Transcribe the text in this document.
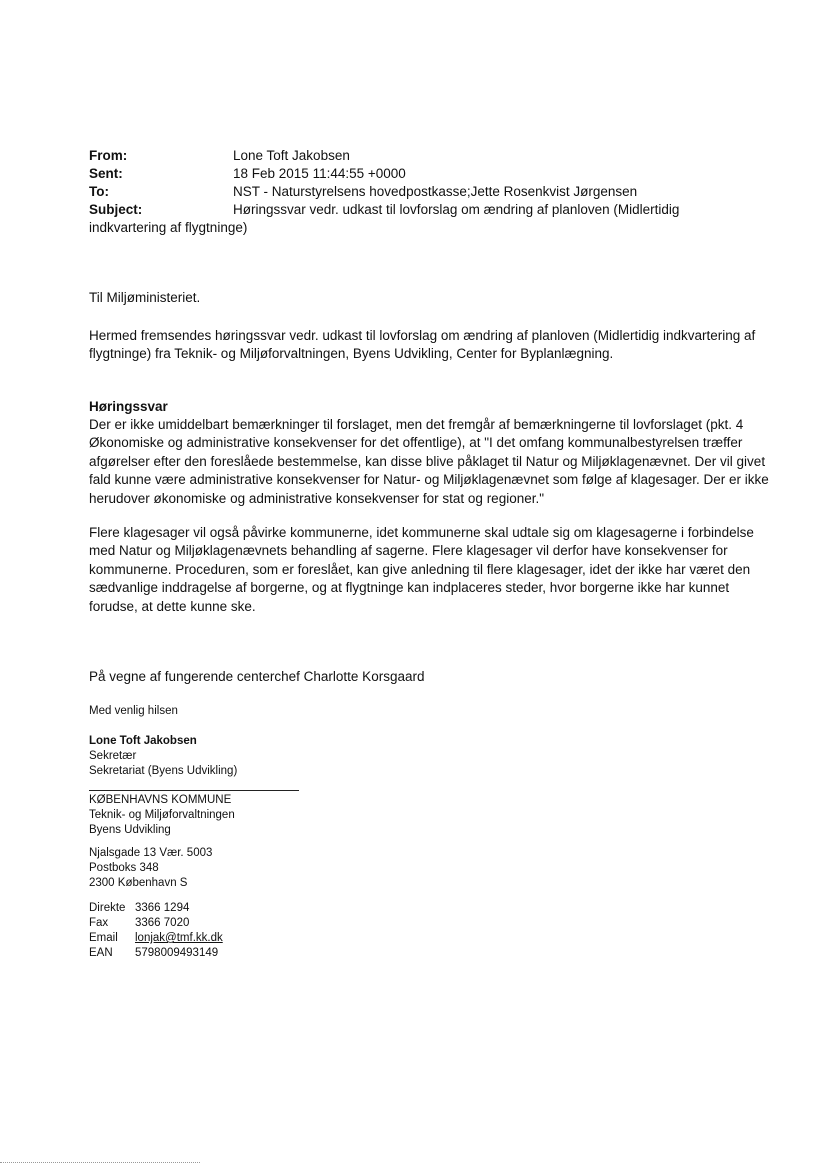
From:	Lone Toft Jakobsen
Sent:	18 Feb 2015 11:44:55 +0000
To:	NST - Naturstyrelsens hovedpostkasse;Jette Rosenkvist Jørgensen
Subject:	Høringssvar vedr. udkast til lovforslag om ændring af planloven (Midlertidig
indkvartering af flygtninge)

Til Miljøministeriet.

Hermed fremsendes høringssvar vedr. udkast til lovforslag om ændring af planloven (Midlertidig indkvartering af flygtninge) fra Teknik- og Miljøforvaltningen, Byens Udvikling, Center for Byplanlægning.

Høringssvar

Der er ikke umiddelbart bemærkninger til forslaget, men det fremgår af bemærkningerne til lovforslaget (pkt. 4 Økonomiske og administrative konsekvenser for det offentlige), at "I det omfang kommunalbestyrelsen træffer afgørelser efter den foreslåede bestemmelse, kan disse blive påklaget til Natur og Miljøklagenævnet. Der vil givet fald kunne være administrative konsekvenser for Natur- og Miljøklagenævnet som følge af klagesager. Der er ikke herudover økonomiske og administrative konsekvenser for stat og regioner."

Flere klagesager vil også påvirke kommunerne, idet kommunerne skal udtale sig om klagesagerne i forbindelse med Natur og Miljøklagenævnets behandling af sagerne. Flere klagesager vil derfor have konsekvenser for kommunerne. Proceduren, som er foreslået, kan give anledning til flere klagesager, idet der ikke har været den sædvanlige inddragelse af borgerne, og at flygtninge kan indplaceres steder, hvor borgerne ikke har kunnet forudse, at dette kunne ske.

På vegne af fungerende centerchef Charlotte Korsgaard

Med venlig hilsen
Lone Toft Jakobsen
Sekretær
Sekretariat (Byens Udvikling)
KØBENHAVNS KOMMUNE
Teknik- og Miljøforvaltningen
Byens Udvikling
Njalsgade 13 Vær. 5003
Postboks 348
2300 København S
Direkte 3366 1294
Fax	3366 7020
Email	lonjak@tmf.kk.dk
EAN	5798009493149
